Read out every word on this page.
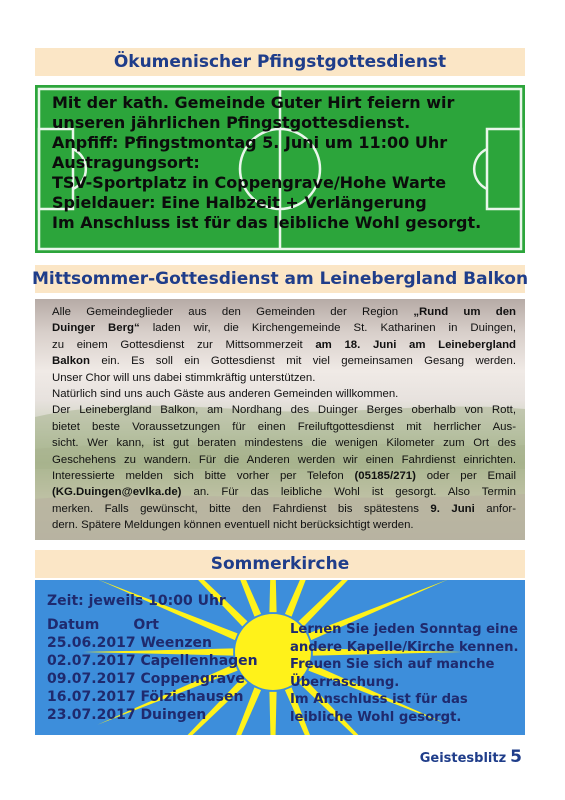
Ökumenischer Pfingstgottesdienst
Mit der kath. Gemeinde Guter Hirt feiern wir
unseren jährlichen Pfingstgottesdienst.
Anpfiff: Pfingstmontag 5. Juni um 11:00 Uhr
Austragungsort:
TSV-Sportplatz in Coppengrave/Hohe Warte
Spieldauer: Eine Halbzeit + Verlängerung
Im Anschluss ist für das leibliche Wohl gesorgt.
Mittsommer-Gottesdienst am Leinebergland Balkon
Alle Gemeindeglieder aus den Gemeinden der Region „Rund um den
Duinger Berg“ laden wir, die Kirchengemeinde St. Katharinen in Duingen,
zu einem Gottesdienst zur Mittsommerzeit am 18. Juni am Leinebergland
Balkon ein. Es soll ein Gottesdienst mit viel gemeinsamen Gesang werden.
Unser Chor will uns dabei stimmkräftig unterstützen.
Natürlich sind uns auch Gäste aus anderen Gemeinden willkommen.
Der Leinebergland Balkon, am Nordhang des Duinger Berges oberhalb von Rott,
bietet beste Voraussetzungen für einen Freiluftgottesdienst mit herrlicher Aus-
sicht. Wer kann, ist gut beraten mindestens die wenigen Kilometer zum Ort des
Geschehens zu wandern. Für die Anderen werden wir einen Fahrdienst einrichten.
Interessierte melden sich bitte vorher per Telefon (05185/271) oder per Email
(KG.Duingen@evlka.de) an. Für das leibliche Wohl ist gesorgt. Also Termin
merken. Falls gewünscht, bitte den Fahrdienst bis spätestens 9. Juni anfor-
dern. Spätere Meldungen können eventuell nicht berücksichtigt werden.
Sommerkirche
Zeit: jeweils 10:00 Uhr
Datum       Ort
25.06.2017 Weenzen
02.07.2017 Capellenhagen
09.07.2017 Coppengrave
16.07.2017 Fölziehausen
23.07.2017 Duingen
Lernen Sie jeden Sonntag eine
andere Kapelle/Kirche kennen.
Freuen Sie sich auf manche
Überraschung.
Im Anschluss ist für das
leibliche Wohl gesorgt.
Geistesblitz 5
